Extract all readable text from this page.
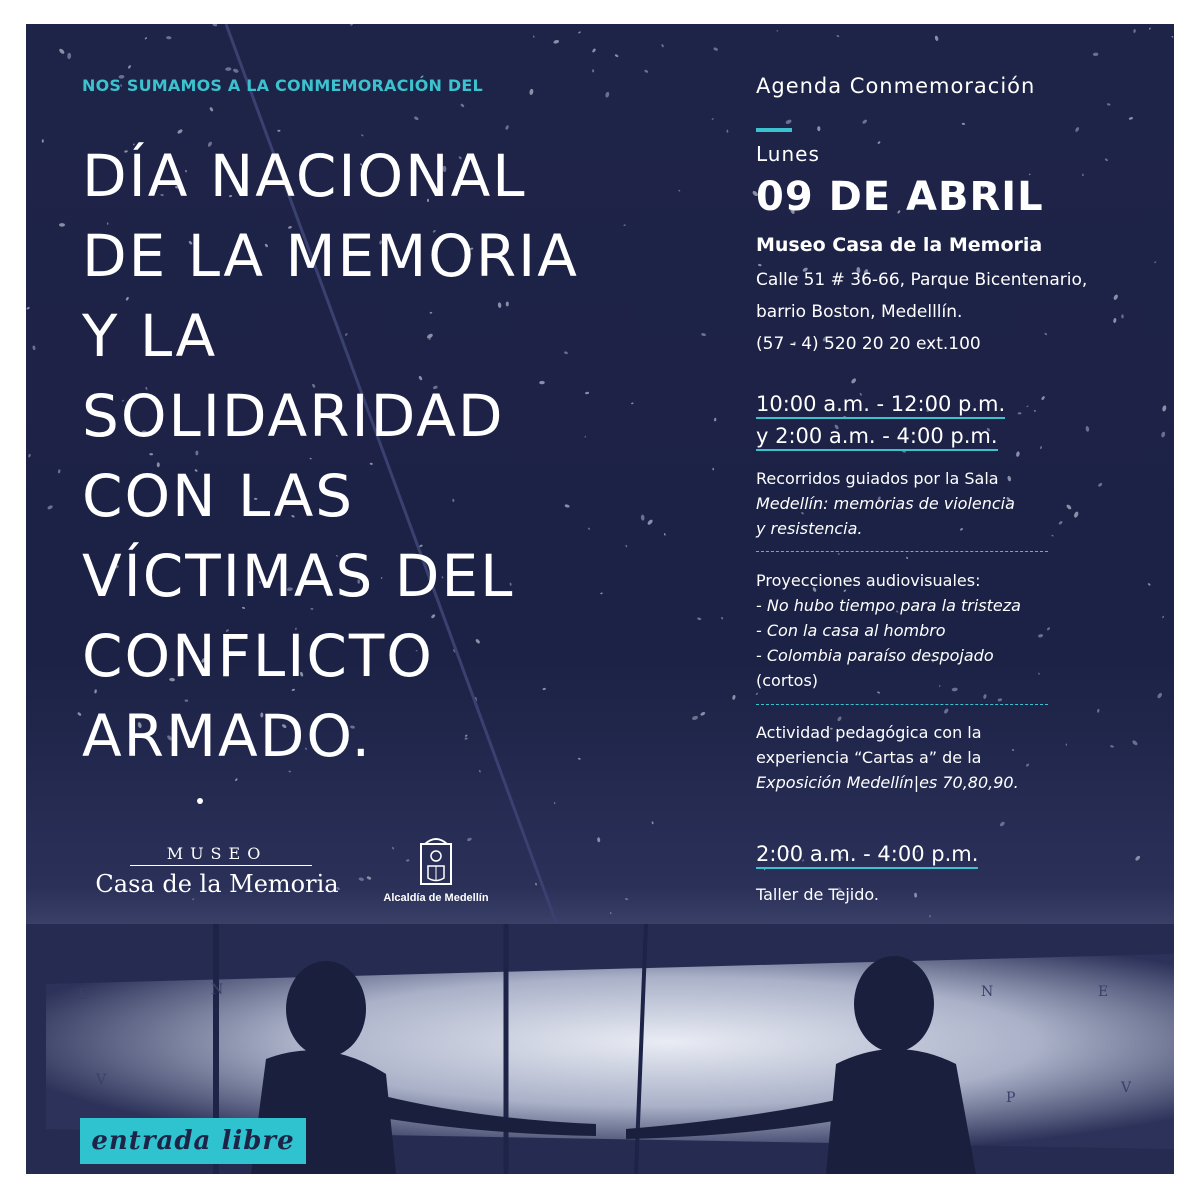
E	N
V
N	E
P
V
NOS SUMAMOS A LA CONMEMORACIÓN DEL
DÍA NACIONAL
DE LA MEMORIA
Y LA
SOLIDARIDAD
CON LAS
VÍCTIMAS DEL
CONFLICTO
ARMADO.
MUSEO
Casa de la Memoria	Alcaldía de Medellín
Agenda Conmemoración
Lunes
09 DE ABRIL
Museo Casa de la Memoria
Calle 51 # 36-66, Parque Bicentenario,
barrio Boston, Medelllín.
(57 - 4) 520 20 20 ext.100
10:00 a.m. - 12:00 p.m.
y 2:00 a.m. - 4:00 p.m.
Recorridos guiados por la Sala
Medellín: memorias de violencia
y resistencia.
Proyecciones audiovisuales:
- No hubo tiempo para la tristeza
- Con la casa al hombro
- Colombia paraíso despojado
(cortos)
Actividad pedagógica con la
experiencia “Cartas a” de la
Exposición Medellín|es 70,80,90.
2:00 a.m. - 4:00 p.m.
Taller de Tejido.
entrada libre
